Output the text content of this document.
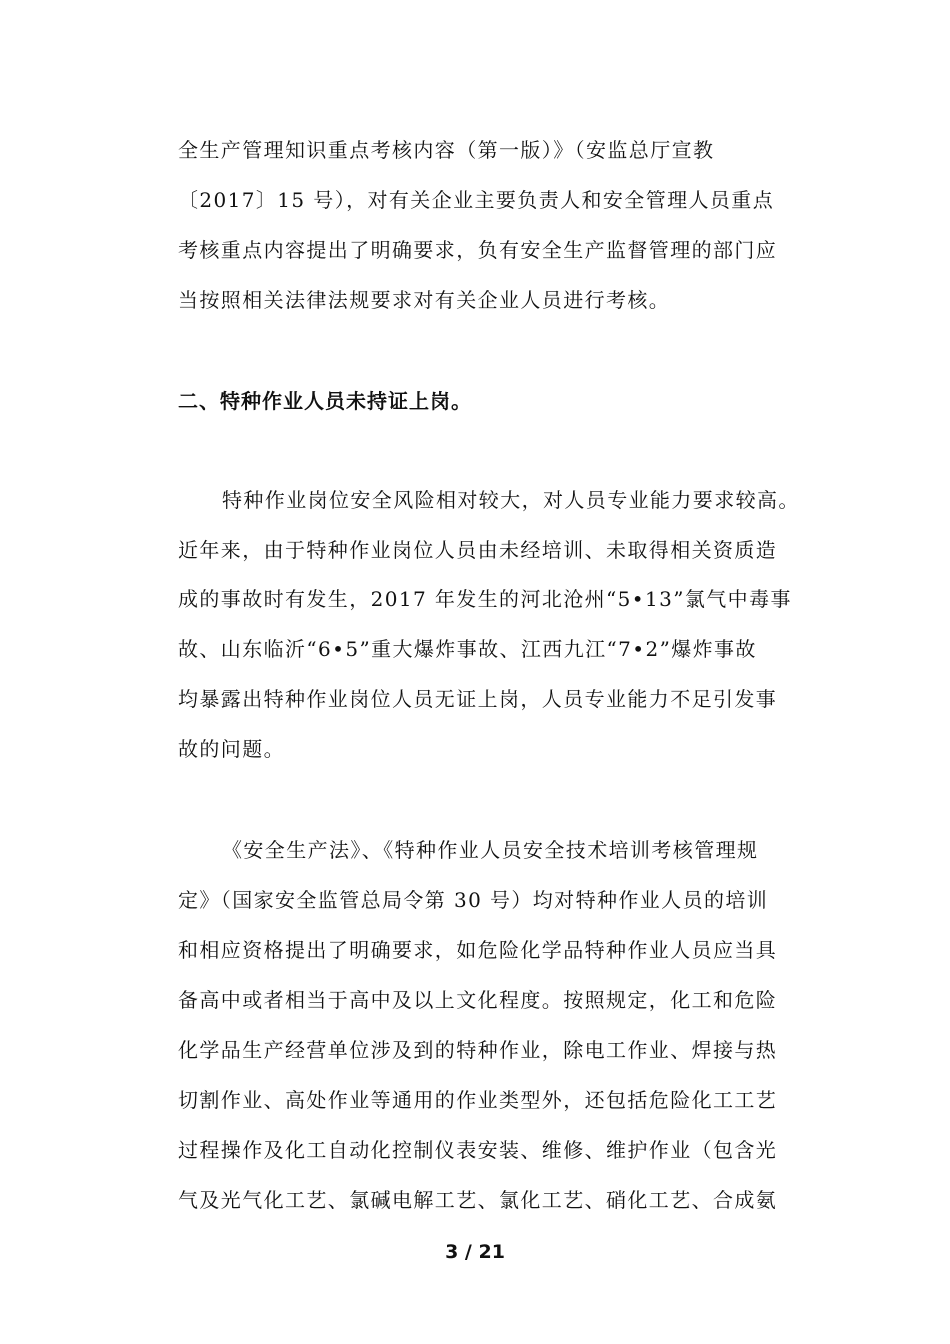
全生产管理知识重点考核内容（第一版）》（安监总厅宣教
〔2017〕15 号），对有关企业主要负责人和安全管理人员重点
考核重点内容提出了明确要求，负有安全生产监督管理的部门应
当按照相关法律法规要求对有关企业人员进行考核。
二、特种作业人员未持证上岗。
特种作业岗位安全风险相对较大，对人员专业能力要求较高。
近年来，由于特种作业岗位人员由未经培训、未取得相关资质造
成的事故时有发生，2017 年发生的河北沧州“5•13”氯气中毒事
故、山东临沂“6•5”重大爆炸事故、江西九江“7•2”爆炸事故
均暴露出特种作业岗位人员无证上岗，人员专业能力不足引发事
故的问题。
《安全生产法》、《特种作业人员安全技术培训考核管理规
定》（国家安全监管总局令第 30 号）均对特种作业人员的培训
和相应资格提出了明确要求，如危险化学品特种作业人员应当具
备高中或者相当于高中及以上文化程度。按照规定，化工和危险
化学品生产经营单位涉及到的特种作业，除电工作业、焊接与热
切割作业、高处作业等通用的作业类型外，还包括危险化工工艺
过程操作及化工自动化控制仪表安装、维修、维护作业（包含光
气及光气化工艺、氯碱电解工艺、氯化工艺、硝化工艺、合成氨
3 / 21
